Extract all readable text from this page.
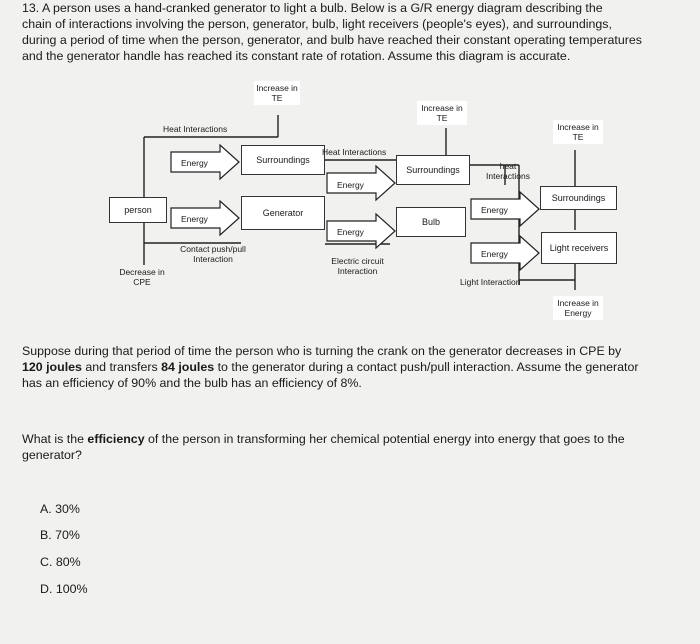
13. A person uses a hand-cranked generator to light a bulb. Below is a G/R energy diagram describing the
chain of interactions involving the person, generator, bulb, light receivers (people's eyes), and surroundings,
during a period of time when the person, generator, and bulb have reached their constant operating temperatures
and the generator handle has reached its constant rate of rotation. Assume this diagram is accurate.
person	Generator
Bulb
Surroundings
Surroundings
Surroundings
Light receivers
Increase in TE
Increase in TE
Increase in TE
Heat Interactions
Heat Interactions
heat Interactions
Energy
Energy
Energy
Energy
Energy
Energy
Contact push/pull Interaction	Electric circuit Interaction
Light Interaction
Decrease in CPE
Increase in Energy
Suppose during that period of time the person who is turning the crank on the generator decreases in CPE by
120 joules and transfers 84 joules to the generator during a contact push/pull interaction. Assume the generator
has an efficiency of 90% and the bulb has an efficiency of 8%.
What is the efficiency of the person in transforming her chemical potential energy into energy that goes to the
generator?
A. 30%
B. 70%
C. 80%
D. 100%
